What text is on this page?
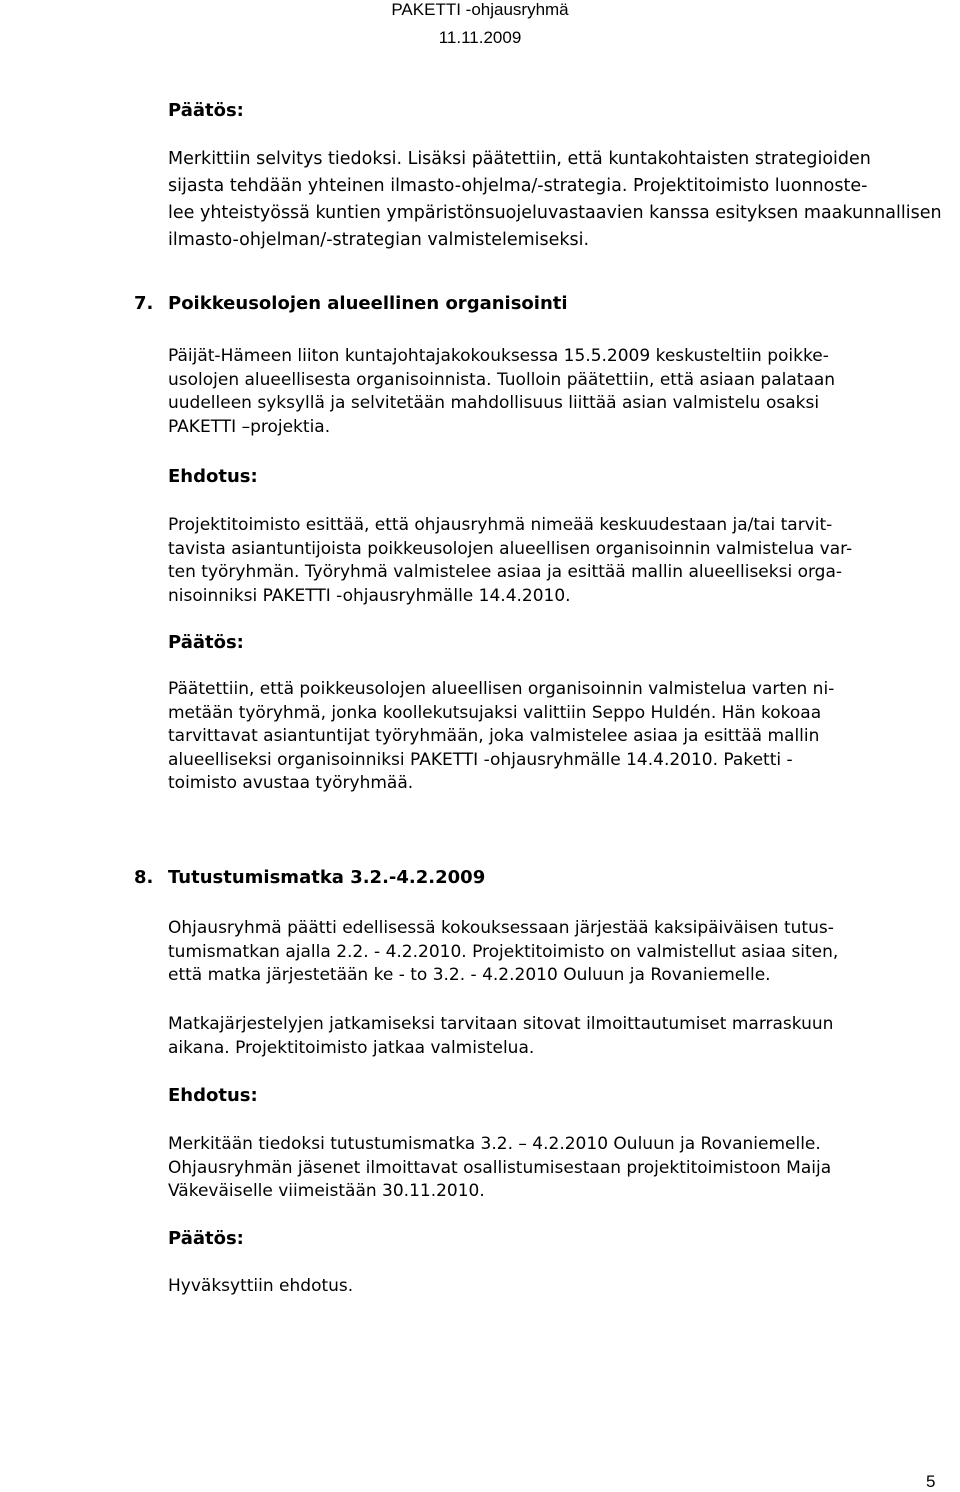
PAKETTI -ohjausryhmä
11.11.2009
Päätös:
Merkittiin selvitys tiedoksi. Lisäksi päätettiin, että kuntakohtaisten strategioiden
sijasta tehdään yhteinen ilmasto-ohjelma/-strategia. Projektitoimisto luonnoste-
lee yhteistyössä kuntien ympäristönsuojeluvastaavien kanssa esityksen maakunnallisen
ilmasto-ohjelman/-strategian valmistelemiseksi.
7. Poikkeusolojen alueellinen organisointi
Päijät-Hämeen liiton kuntajohtajakokouksessa 15.5.2009 keskusteltiin poikke-
usolojen alueellisesta organisoinnista. Tuolloin päätettiin, että asiaan palataan
uudelleen syksyllä ja selvitetään mahdollisuus liittää asian valmistelu osaksi
PAKETTI –projektia.
Ehdotus:
Projektitoimisto esittää, että ohjausryhmä nimeää keskuudestaan ja/tai tarvit-
tavista asiantuntijoista poikkeusolojen alueellisen organisoinnin valmistelua var-
ten työryhmän. Työryhmä valmistelee asiaa ja esittää mallin alueelliseksi orga-
nisoinniksi PAKETTI -ohjausryhmälle 14.4.2010.
Päätös:
Päätettiin, että poikkeusolojen alueellisen organisoinnin valmistelua varten ni-
metään työryhmä, jonka koollekutsujaksi valittiin Seppo Huldén. Hän kokoaa
tarvittavat asiantuntijat työryhmään, joka valmistelee asiaa ja esittää mallin
alueelliseksi organisoinniksi PAKETTI -ohjausryhmälle 14.4.2010. Paketti -
toimisto avustaa työryhmää.
8. Tutustumismatka 3.2.-4.2.2009
Ohjausryhmä päätti edellisessä kokouksessaan järjestää kaksipäiväisen tutus-
tumismatkan ajalla 2.2. - 4.2.2010. Projektitoimisto on valmistellut asiaa siten,
että matka järjestetään ke - to 3.2. - 4.2.2010 Ouluun ja Rovaniemelle.
Matkajärjestelyjen jatkamiseksi tarvitaan sitovat ilmoittautumiset marraskuun
aikana. Projektitoimisto jatkaa valmistelua.
Ehdotus:
Merkitään tiedoksi tutustumismatka 3.2. – 4.2.2010 Ouluun ja Rovaniemelle.
Ohjausryhmän jäsenet ilmoittavat osallistumisestaan projektitoimistoon Maija
Väkeväiselle viimeistään 30.11.2010.
Päätös:
Hyväksyttiin ehdotus.
5
